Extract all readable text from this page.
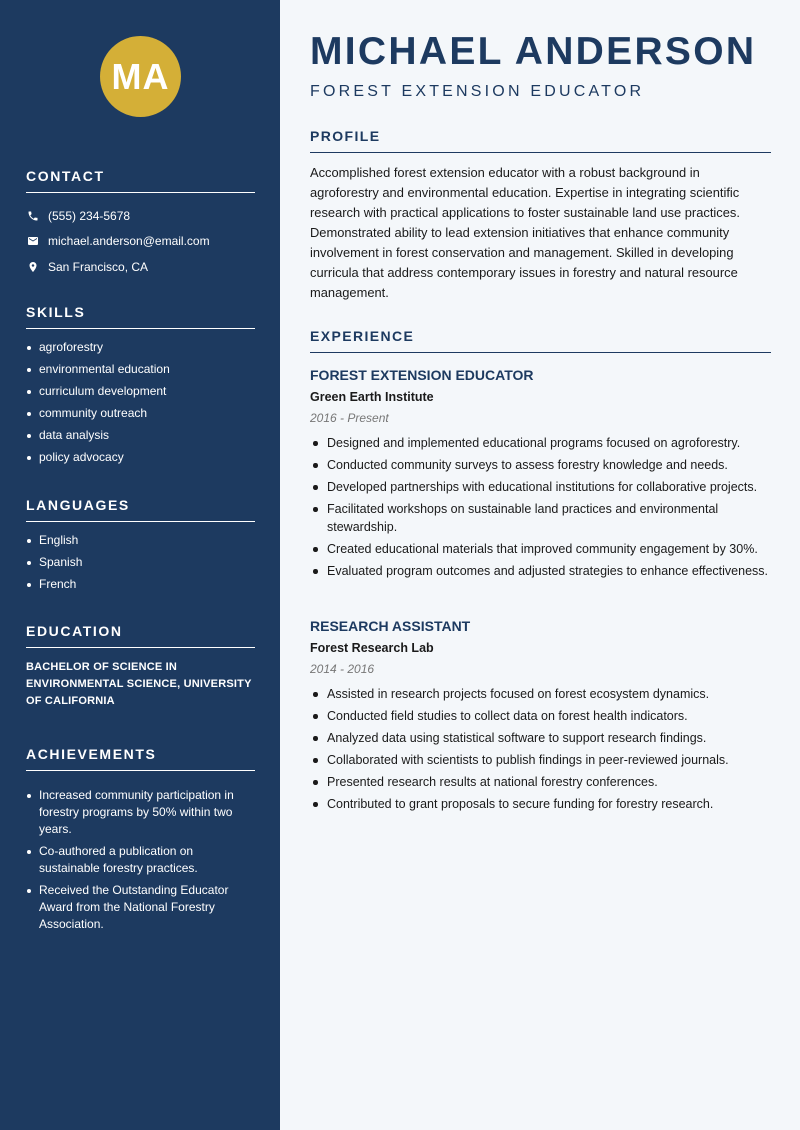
MA
CONTACT
(555) 234-5678
michael.anderson@email.com
San Francisco, CA
SKILLS
agroforestry
environmental education
curriculum development
community outreach
data analysis
policy advocacy
LANGUAGES
English
Spanish
French
EDUCATION
BACHELOR OF SCIENCE IN ENVIRONMENTAL SCIENCE, UNIVERSITY OF CALIFORNIA
ACHIEVEMENTS
Increased community participation in forestry programs by 50% within two years.
Co-authored a publication on sustainable forestry practices.
Received the Outstanding Educator Award from the National Forestry Association.
MICHAEL ANDERSON
FOREST EXTENSION EDUCATOR
PROFILE
Accomplished forest extension educator with a robust background in agroforestry and environmental education. Expertise in integrating scientific research with practical applications to foster sustainable land use practices. Demonstrated ability to lead extension initiatives that enhance community involvement in forest conservation and management. Skilled in developing curricula that address contemporary issues in forestry and natural resource management.
EXPERIENCE
FOREST EXTENSION EDUCATOR
Green Earth Institute
2016 - Present
Designed and implemented educational programs focused on agroforestry.
Conducted community surveys to assess forestry knowledge and needs.
Developed partnerships with educational institutions for collaborative projects.
Facilitated workshops on sustainable land practices and environmental stewardship.
Created educational materials that improved community engagement by 30%.
Evaluated program outcomes and adjusted strategies to enhance effectiveness.
RESEARCH ASSISTANT
Forest Research Lab
2014 - 2016
Assisted in research projects focused on forest ecosystem dynamics.
Conducted field studies to collect data on forest health indicators.
Analyzed data using statistical software to support research findings.
Collaborated with scientists to publish findings in peer-reviewed journals.
Presented research results at national forestry conferences.
Contributed to grant proposals to secure funding for forestry research.
